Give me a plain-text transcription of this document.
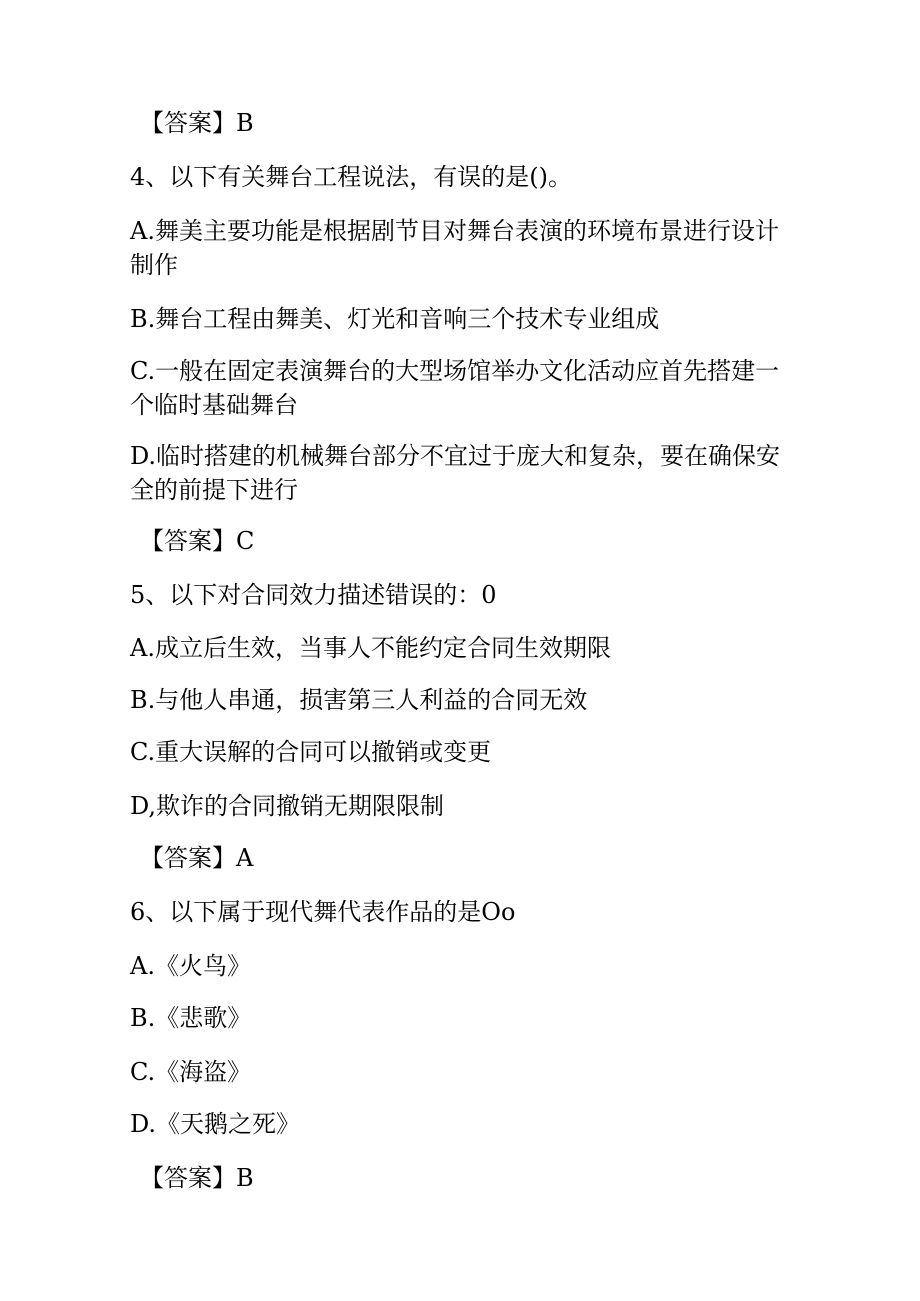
【答案】B
4、以下有关舞台工程说法，有误的是()。
A.舞美主要功能是根据剧节目对舞台表演的环境布景进行设计制作
B.舞台工程由舞美、灯光和音响三个技术专业组成
C.一般在固定表演舞台的大型场馆举办文化活动应首先搭建一个临时基础舞台
D.临时搭建的机械舞台部分不宜过于庞大和复杂，要在确保安全的前提下进行
【答案】C
5、以下对合同效力描述错误的：0
A.成立后生效，当事人不能约定合同生效期限
B.与他人串通，损害第三人利益的合同无效
C.重大误解的合同可以撤销或变更
D,欺诈的合同撤销无期限限制
【答案】A
6、以下属于现代舞代表作品的是Oo
A.《火鸟》
B.《悲歌》
C.《海盗》
D.《天鹅之死》
【答案】B
